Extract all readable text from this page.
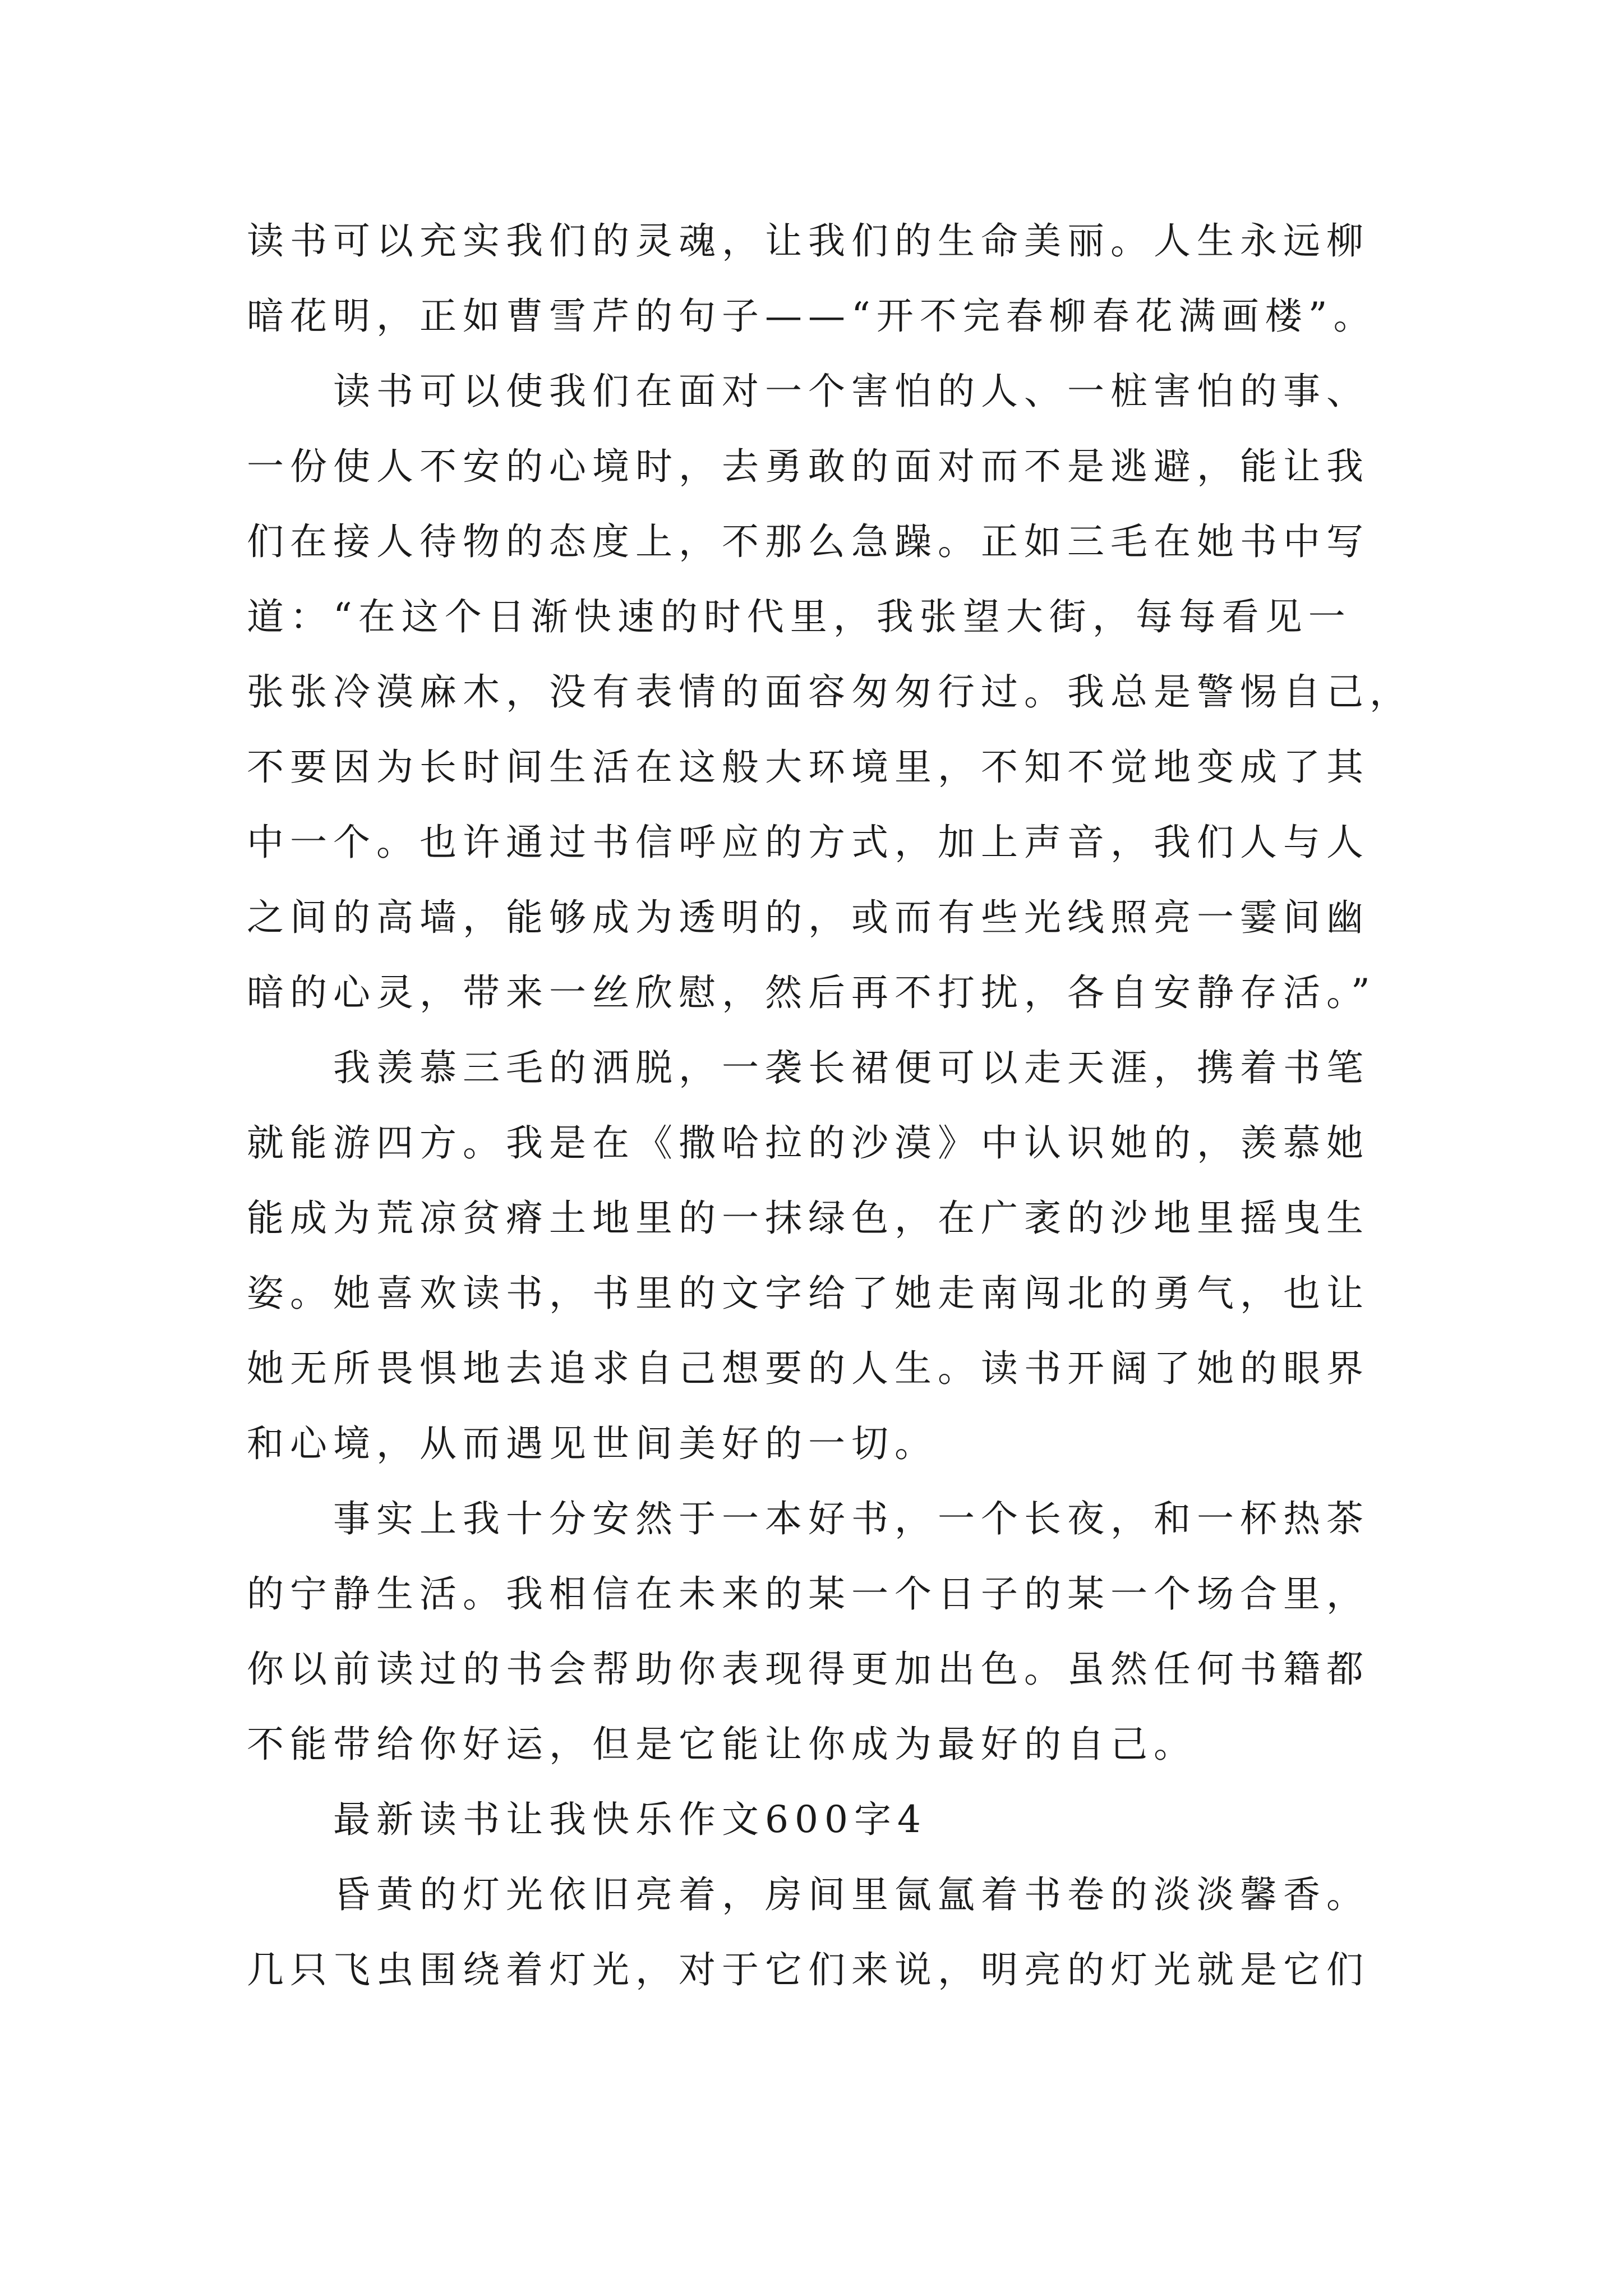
读书可以充实我们的灵魂，让我们的生命美丽。人生永远柳
暗花明，正如曹雪芹的句子——“开不完春柳春花满画楼”。
读书可以使我们在面对一个害怕的人、一桩害怕的事、
一份使人不安的心境时，去勇敢的面对而不是逃避，能让我
们在接人待物的态度上，不那么急躁。正如三毛在她书中写
道：“在这个日渐快速的时代里，我张望大街，每每看见一
张张冷漠麻木，没有表情的面容匆匆行过。我总是警惕自己，
不要因为长时间生活在这般大环境里，不知不觉地变成了其
中一个。也许通过书信呼应的方式，加上声音，我们人与人
之间的高墙，能够成为透明的，或而有些光线照亮一霎间幽
暗的心灵，带来一丝欣慰，然后再不打扰，各自安静存活。”
我羡慕三毛的洒脱，一袭长裙便可以走天涯，携着书笔
就能游四方。我是在《撒哈拉的沙漠》中认识她的，羡慕她
能成为荒凉贫瘠土地里的一抹绿色，在广袤的沙地里摇曳生
姿。她喜欢读书，书里的文字给了她走南闯北的勇气，也让
她无所畏惧地去追求自己想要的人生。读书开阔了她的眼界
和心境，从而遇见世间美好的一切。
事实上我十分安然于一本好书，一个长夜，和一杯热茶
的宁静生活。我相信在未来的某一个日子的某一个场合里，
你以前读过的书会帮助你表现得更加出色。虽然任何书籍都
不能带给你好运，但是它能让你成为最好的自己。
最新读书让我快乐作文600字4
昏黄的灯光依旧亮着，房间里氤氲着书卷的淡淡馨香。
几只飞虫围绕着灯光，对于它们来说，明亮的灯光就是它们
